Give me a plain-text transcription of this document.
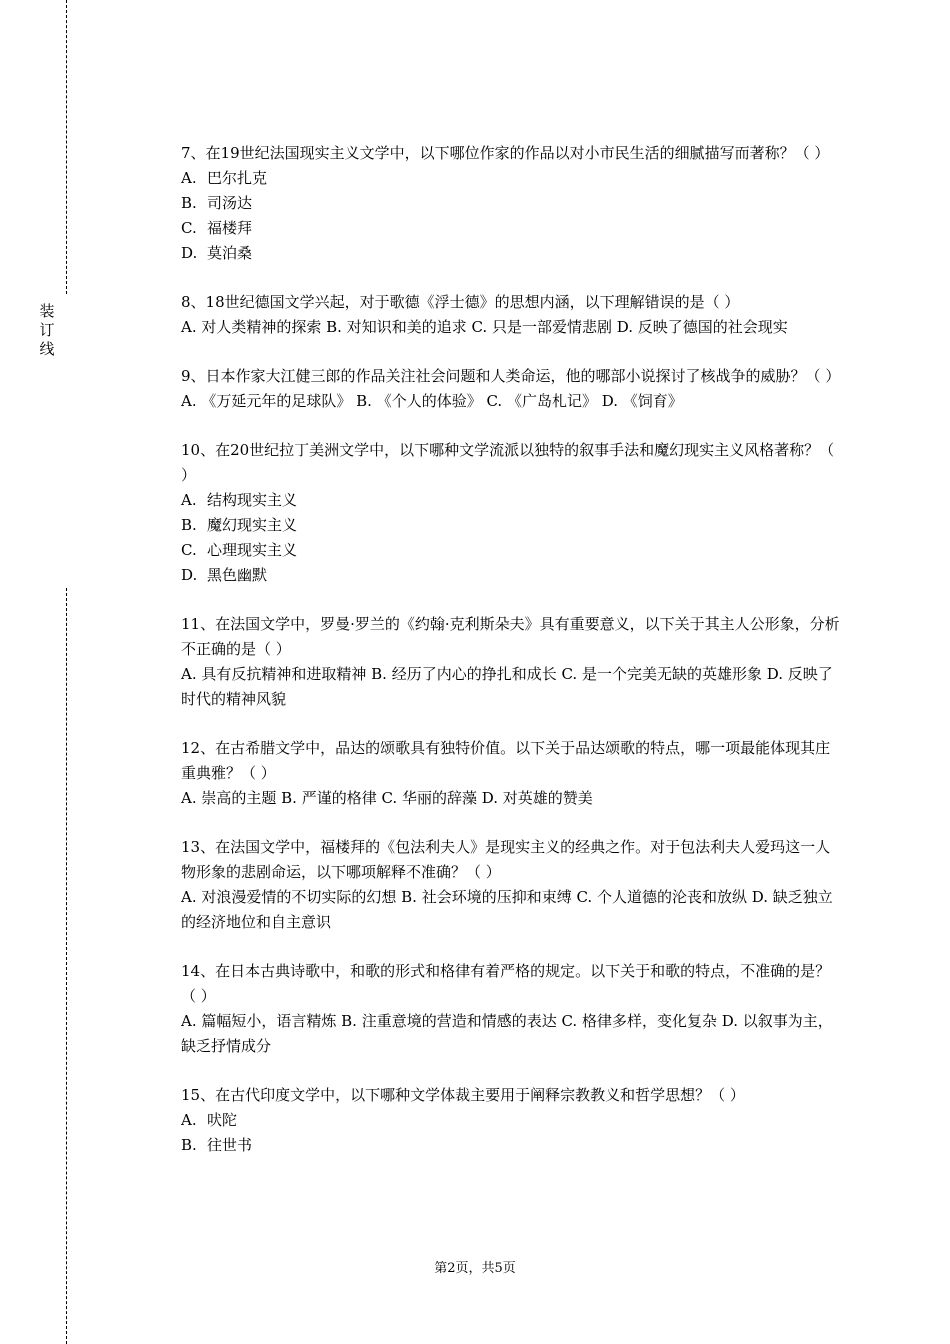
装
订
线

7、在19世纪法国现实主义文学中，以下哪位作家的作品以对小市民生活的细腻描写而著称？（ ）

A. 巴尔扎克
B. 司汤达
C. 福楼拜
D. 莫泊桑

8、18世纪德国文学兴起，对于歌德《浮士德》的思想内涵，以下理解错误的是（ ）

A. 对人类精神的探索 B. 对知识和美的追求 C. 只是一部爱情悲剧 D. 反映了德国的社会现实

9、日本作家大江健三郎的作品关注社会问题和人类命运，他的哪部小说探讨了核战争的威胁？（ ）

A. 《万延元年的足球队》 B. 《个人的体验》 C. 《广岛札记》 D. 《饲育》

10、在20世纪拉丁美洲文学中，以下哪种文学流派以独特的叙事手法和魔幻现实主义风格著称？（ ）

A. 结构现实主义
B. 魔幻现实主义
C. 心理现实主义
D. 黑色幽默

11、在法国文学中，罗曼·罗兰的《约翰·克利斯朵夫》具有重要意义，以下关于其主人公形象，分析不正确的是（ ）

A. 具有反抗精神和进取精神 B. 经历了内心的挣扎和成长 C. 是一个完美无缺的英雄形象 D. 反映了时代的精神风貌

12、在古希腊文学中，品达的颂歌具有独特价值。以下关于品达颂歌的特点，哪一项最能体现其庄重典雅？（ ）

A. 崇高的主题 B. 严谨的格律 C. 华丽的辞藻 D. 对英雄的赞美

13、在法国文学中，福楼拜的《包法利夫人》是现实主义的经典之作。对于包法利夫人爱玛这一人物形象的悲剧命运，以下哪项解释不准确？（ ）

A. 对浪漫爱情的不切实际的幻想 B. 社会环境的压抑和束缚 C. 个人道德的沦丧和放纵 D. 缺乏独立的经济地位和自主意识

14、在日本古典诗歌中，和歌的形式和格律有着严格的规定。以下关于和歌的特点，不准确的是？（ ）

A. 篇幅短小，语言精炼 B. 注重意境的营造和情感的表达 C. 格律多样，变化复杂 D. 以叙事为主，缺乏抒情成分

15、在古代印度文学中，以下哪种文学体裁主要用于阐释宗教教义和哲学思想？（ ）

A. 吠陀
B. 往世书
第2页，共5页
